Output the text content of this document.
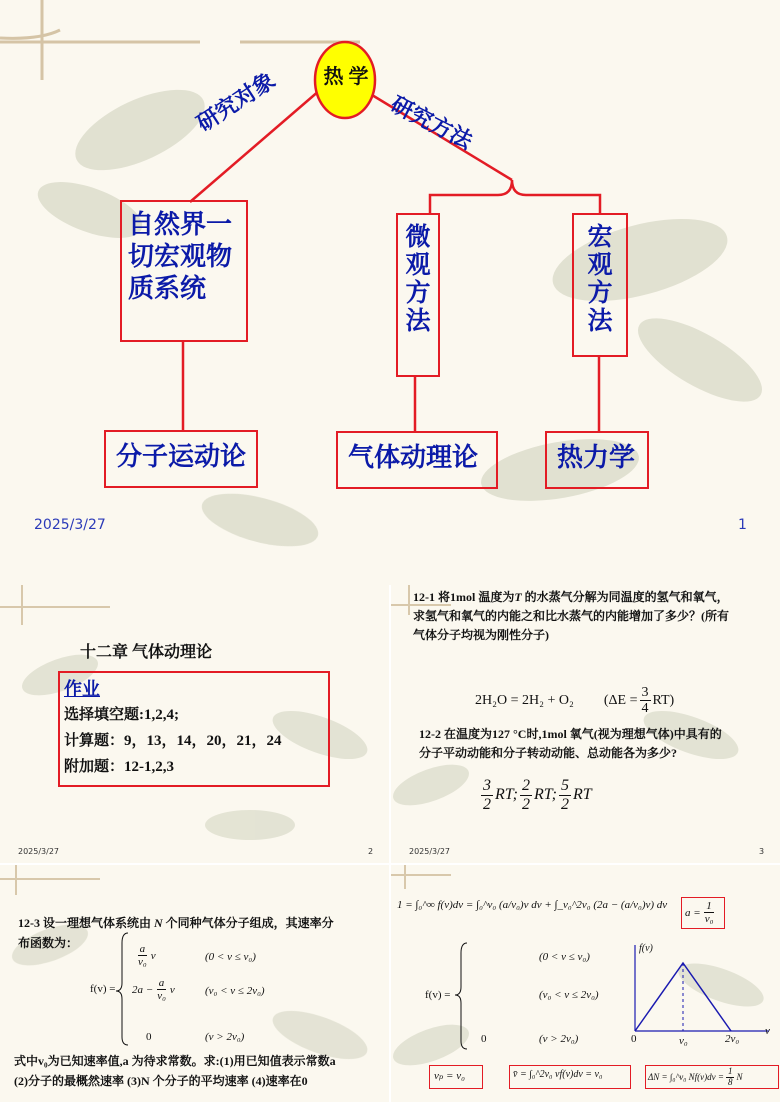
热 学
研究对象	研究方法
自然界一
切宏观物
质系统
微观方法
宏观方法
分子运动论	气体动理论	热力学
2025/3/27	1
十二章 气体动理论
作业
选择填空题:1,2,4;
计算题：9，13，14，20，21，24
附加题：12-1,2,3
2025/3/27	2
12-1 将1mol 温度为T 的水蒸气分解为同温度的氢气和氧气，
求氢气和氧气的内能之和比水蒸气的内能增加了多少？(所有
气体分子均视为刚性分子)
2H₂O = 2H₂ + O₂ $(\Delta E = \frac{3}{4} RT)$
12-2 在温度为127 °C时,1mol 氧气(视为理想气体)中具有的
分子平动动能和分子转动动能、总动能各为多少?
$\frac{3}{2}$ RT; $\frac{2}{2}$ RT; $\frac{5}{2}$ RT
2025/3/27	3
12-3 设一理想气体系统由 N 个同种气体分子组成，其速率分
布函数为：
f(v) =
$\frac{a}{\text{v₀}}$ v	(0 < v ≤ v₀)
$2a - \frac{a}{\text{v₀}}$ v	(v₀ < v ≤ 2v₀)
0	(v > 2v₀)
式中v₀为已知速率值,a 为待求常数。求:(1)用已知值表示常数a
(2)分子的最概然速率 (3)N 个分子的平均速率 (4)速率在0
1 = ∫₀^∞ f(v)dv = ∫₀^v₀ (a/v₀)v dv + ∫_v₀^2v₀ (2a − (a/v₀)v) dv
$a = \frac{1}{\text{v₀}}$
f(v) =
(0 < v ≤ v₀)
(v₀ < v ≤ 2v₀)
0	(v > 2v₀)
f(v)
0	v₀	2v₀
v
vₚ = v₀	v̄ = ∫₀^2v₀ vf(v)dv = v₀	ΔN = ∫₀^v₀ $Nf(v)dv = \frac{1}{8}$ N
